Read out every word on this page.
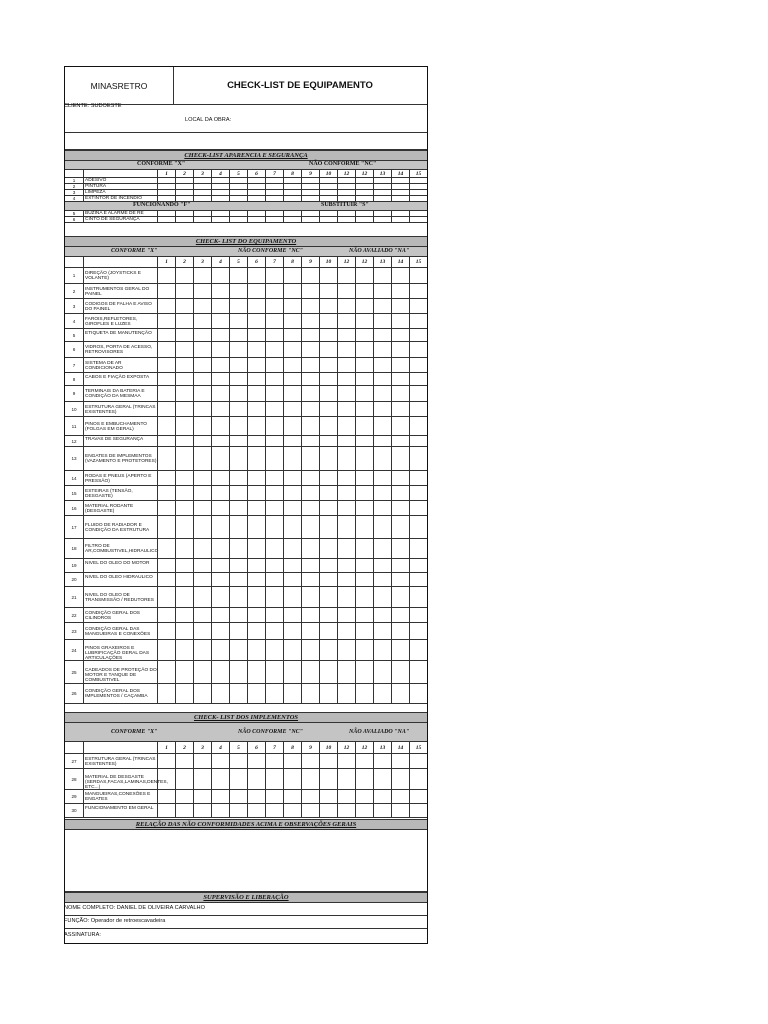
MINASRETRO	CHECK-LIST DE EQUIPAMENTO
CLIENTE: SUDOESTE
LOCAL DA OBRA:
CHECK-LIST APARENCIA E SEGURANÇA
CONFORME "X"	NÃO CONFORME "NC"
1	2	3	4	5	6	7	8	9	10	12	12	13	14	15
1	ADESIVO
2	PINTURA
3	LIMPEZA
4	EXTINTOR DE INCENDIO
FUNCIONANDO "F"	SUBSTITUIR "S"
5	BUZINA E ALARME DE RE
6	CINTO DE SEGURANÇA
CHECK- LIST DO EQUIPAMENTO
CONFORME "X"	NÃO CONFORME "NC"	NÃO AVALIADO "NA"
1	2	3	4	5	6	7	8	9	10	12	12	13	14	15
1	DIREÇÃO (JOYSTICKS E VOLANTE)
2	INSTRUMENTOS GERAL DO PAINEL
3	CODIGOS DE FALHA E AVISO DO PAINEL
4	FAROIS,REFLETORES, GIROFLES E LUZES
5	ETIQUETA DE MANUTENÇÃO
6	VIDROS, PORTA DE ACESSO, RETROVISORES
7	SISTEMA DE AR CONDICIONADO
8	CABOS E FIAÇÃO EXPOSTA
9	TERMINAIS DA BATERIA E CONDIÇÃO DA MESMAA
10	ESTRUTURA GERAL (TRINCAS EXISTENTES)
11	PINOS E EMBUCHAMENTO (FOLGAS EM GERAL)
12	TRAVAS DE SEGURANÇA
13	ENGATES DE IMPLEMENTOS (VAZAMENTO E PROTETORES)
14	RODAS E PNEUS (APERTO E PRESSÃO)
15	ESTEIRAS (TENSÃO, DESGASTE)
16	MATERIAL RODANTE (DESGASTE)
17	FLUIDO DE RADIADOR E CONDIÇÃO DA ESTRUTURA
18	FILTRO DE AR,COMBUSTIVEL,HIDRAULICO
19	NIVEL DO OLEO DO MOTOR
20	NIVEL DO OLEO HIDRAULICO
21	NIVEL DO OLEO DE TRANSMISSÃO / REDUTORES
22	CONDIÇÃO GERAL DOS CILINDROS
23	CONDIÇÃO GERAL DAS MANGUEIRAS E CONEXÕES
24	PINOS GRAXEIROS E LUBRIFICAÇÃO GERAL DAS ARTICULAÇÕES
25	CADEADOS DE PROTEÇÃO DO MOTOR E TANQUE DE COMBUSTIVEL
26	CONDIÇÃO GERAL DOS IMPLEMENTOS / CAÇAMBA
CHECK- LIST DOS IMPLEMENTOS
CONFORME "X"	NÃO CONFORME "NC"	NÃO AVALIADO "NA"
1	2	3	4	5	6	7	8	9	10	12	12	13	14	15
27	ESTRUTURA GERAL (TRINCAS EXISTENTES)
28	MATERIAL DE DESGASTE (SERDAS,FACAS,LAMINAS,DENTES, ETC...)
29	MANGUEIRAS,CONEXÕES E ENGATES
30	FUNCIONAMENTO EM GERAL
RELAÇÃO DAS NÃO CONFORMIDADES ACIMA E OBSERVAÇÕES GERAIS
SUPERVISÃO E LIBERAÇÃO
NOME COMPLETO: DANIEL DE OLIVEIRA CARVALHO
FUNÇÃO: Operador de retroescavadeira
ASSINATURA:
